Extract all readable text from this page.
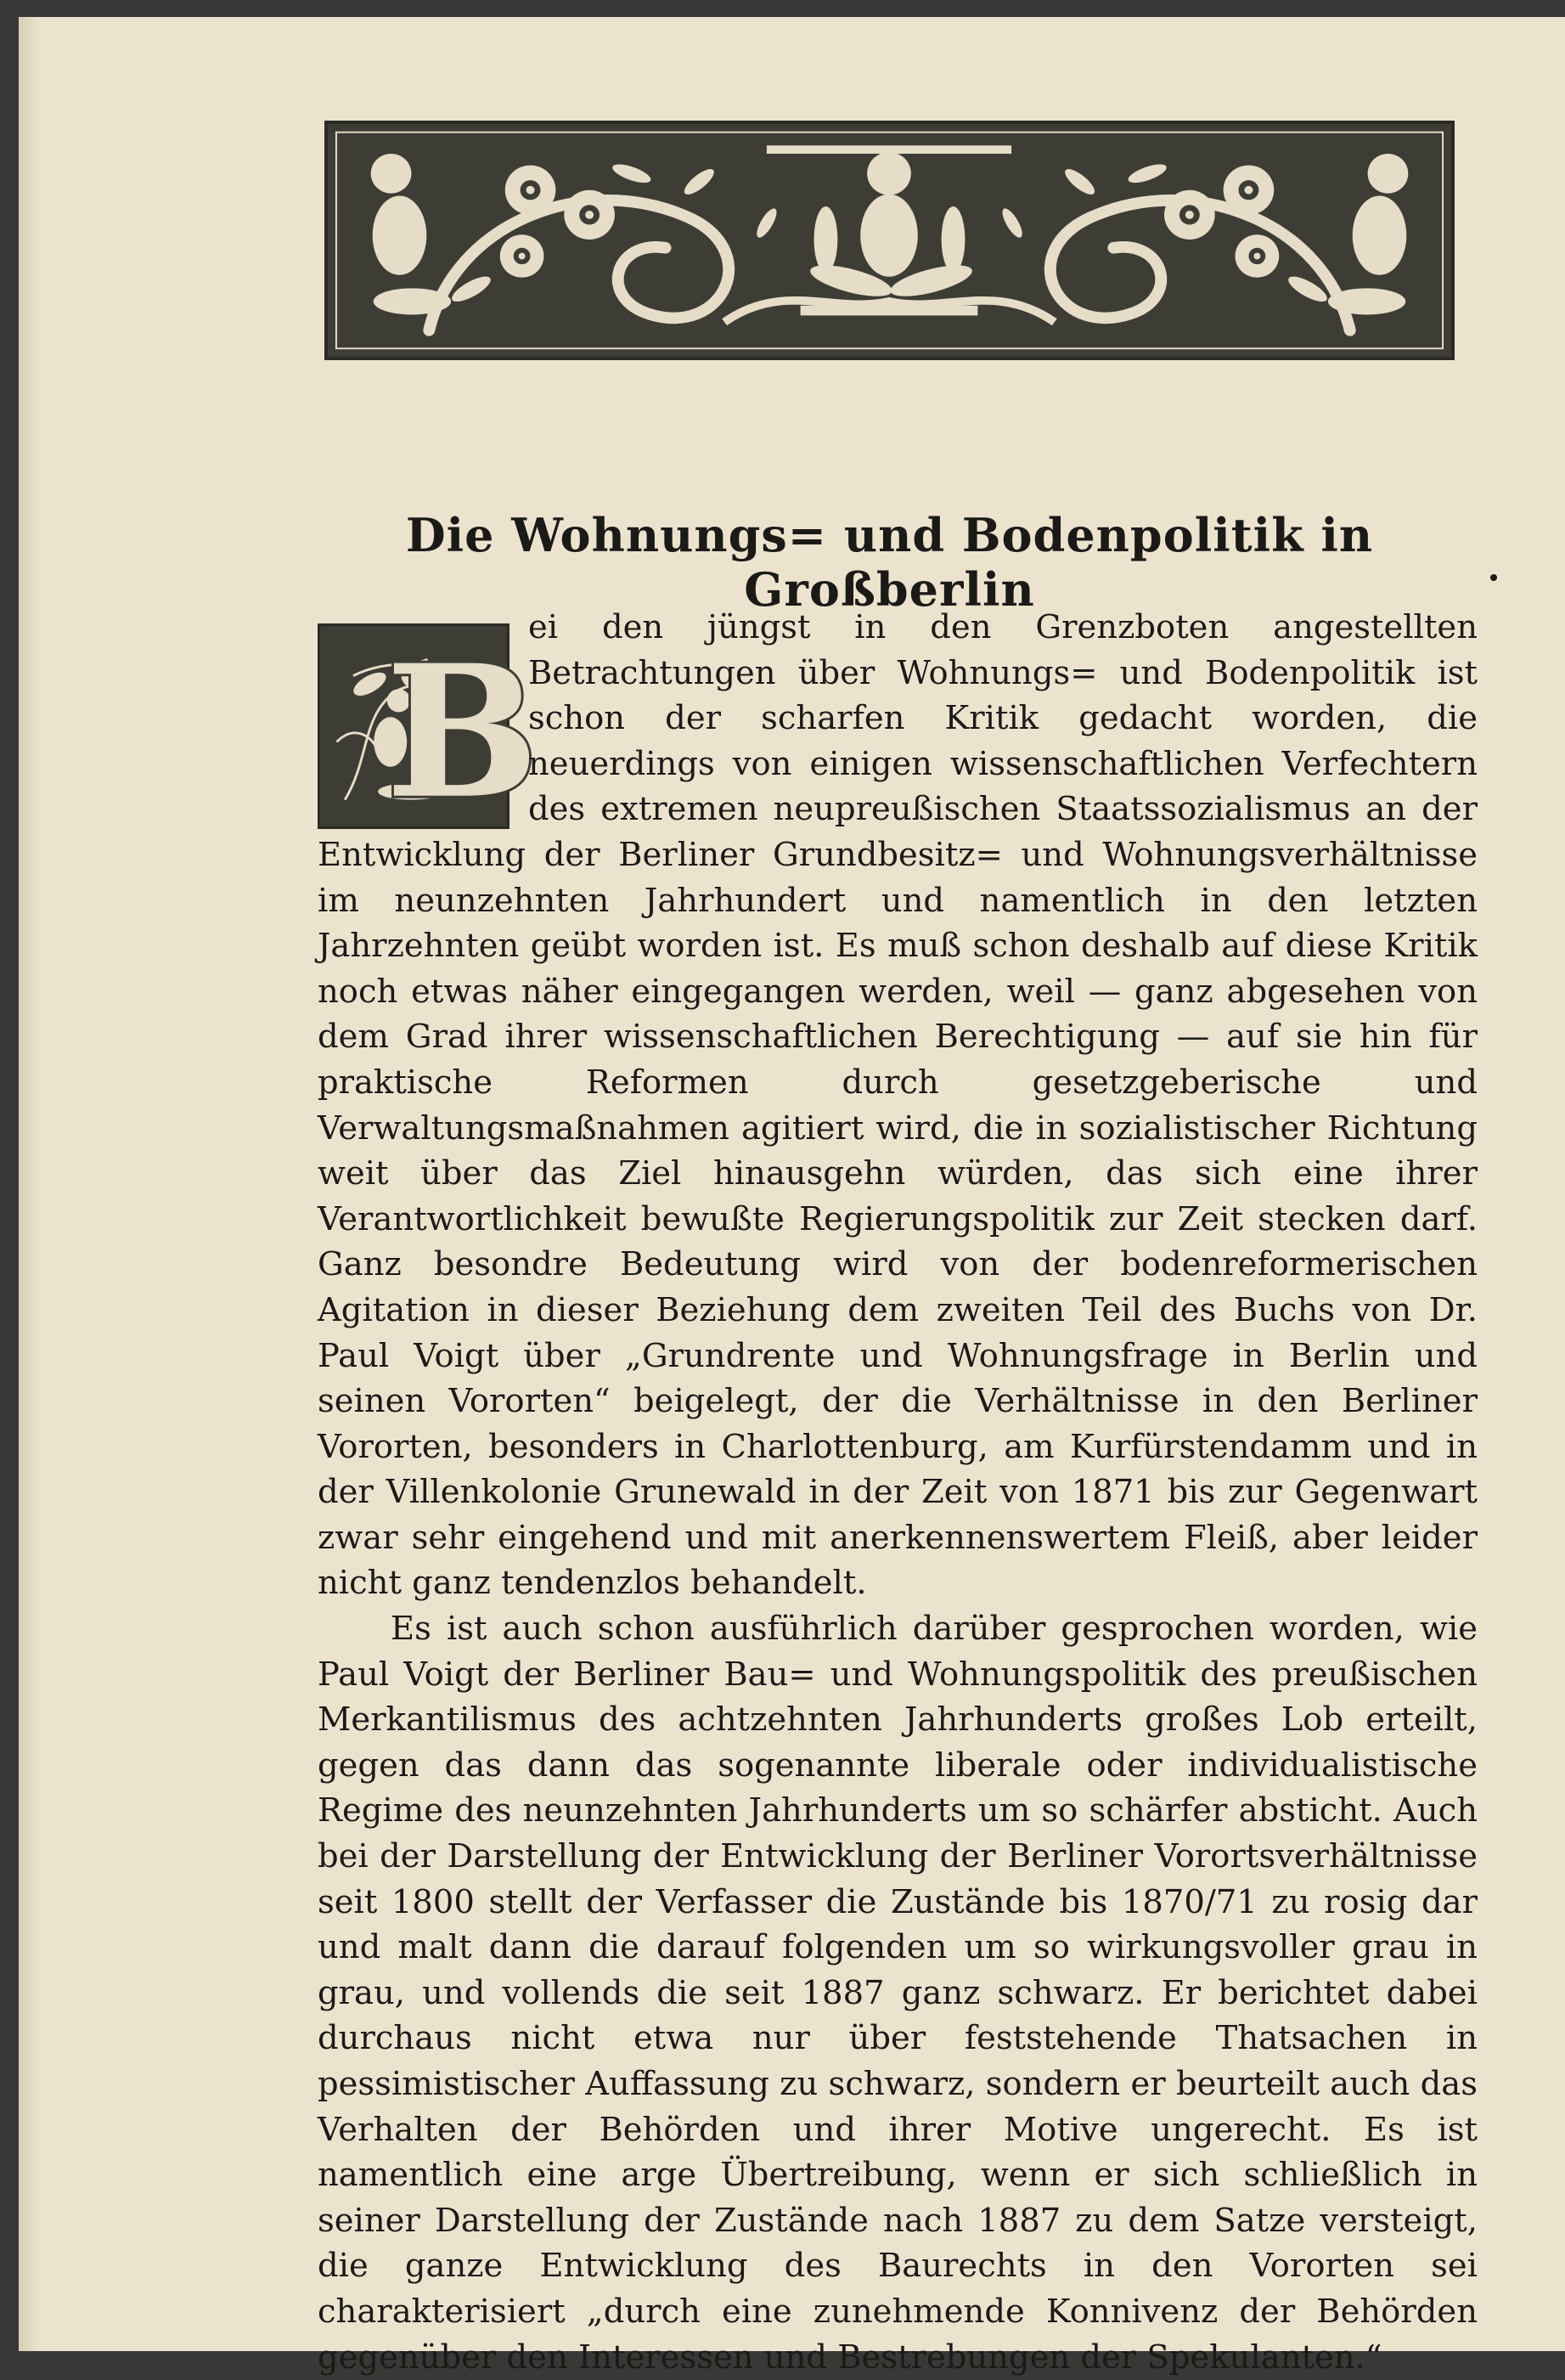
Die Wohnungs= und Bodenpolitik in Großberlin
B

ei den jüngst in den Grenzboten angestellten Betrachtungen über Wohnungs= und Bodenpolitik ist schon der scharfen Kritik gedacht worden, die neuerdings von einigen wissenschaftlichen Verfechtern des extremen neupreußischen Staatssozialismus an der Entwicklung der Berliner Grundbesitz= und Wohnungsverhältnisse im neunzehnten Jahrhundert und namentlich in den letzten Jahrzehnten geübt worden ist. Es muß schon deshalb auf diese Kritik noch etwas näher eingegangen werden, weil — ganz abgesehen von dem Grad ihrer wissenschaftlichen Berechtigung — auf sie hin für praktische Reformen durch gesetzgeberische und Verwaltungsmaßnahmen agitiert wird, die in sozialistischer Richtung weit über das Ziel hinausgehn würden, das sich eine ihrer Verantwortlichkeit bewußte Regierungspolitik zur Zeit stecken darf. Ganz besondre Bedeutung wird von der bodenreformerischen Agitation in dieser Beziehung dem zweiten Teil des Buchs von Dr. Paul Voigt über „Grundrente und Wohnungsfrage in Berlin und seinen Vororten“ beigelegt, der die Verhältnisse in den Berliner Vororten, besonders in Charlottenburg, am Kurfürstendamm und in der Villenkolonie Grunewald in der Zeit von 1871 bis zur Gegenwart zwar sehr eingehend und mit anerkennenswertem Fleiß, aber leider nicht ganz tendenzlos behandelt.

Es ist auch schon ausführlich darüber gesprochen worden, wie Paul Voigt der Berliner Bau= und Wohnungspolitik des preußischen Merkantilismus des achtzehnten Jahrhunderts großes Lob erteilt, gegen das dann das sogenannte liberale oder individualistische Regime des neunzehnten Jahrhunderts um so schärfer absticht. Auch bei der Darstellung der Entwicklung der Berliner Vorortsverhältnisse seit 1800 stellt der Verfasser die Zustände bis 1870/71 zu rosig dar und malt dann die darauf folgenden um so wirkungsvoller grau in grau, und vollends die seit 1887 ganz schwarz. Er berichtet dabei durchaus nicht etwa nur über feststehende Thatsachen in pessimistischer Auffassung zu schwarz, sondern er beurteilt auch das Verhalten der Behörden und ihrer Motive ungerecht. Es ist namentlich eine arge Übertreibung, wenn er sich schließlich in seiner Darstellung der Zustände nach 1887 zu dem Satze versteigt, die ganze Entwicklung des Baurechts in den Vororten sei charakterisiert „durch eine zunehmende Konnivenz der Behörden gegenüber den Interessen und Bestrebungen der Spekulanten.“
